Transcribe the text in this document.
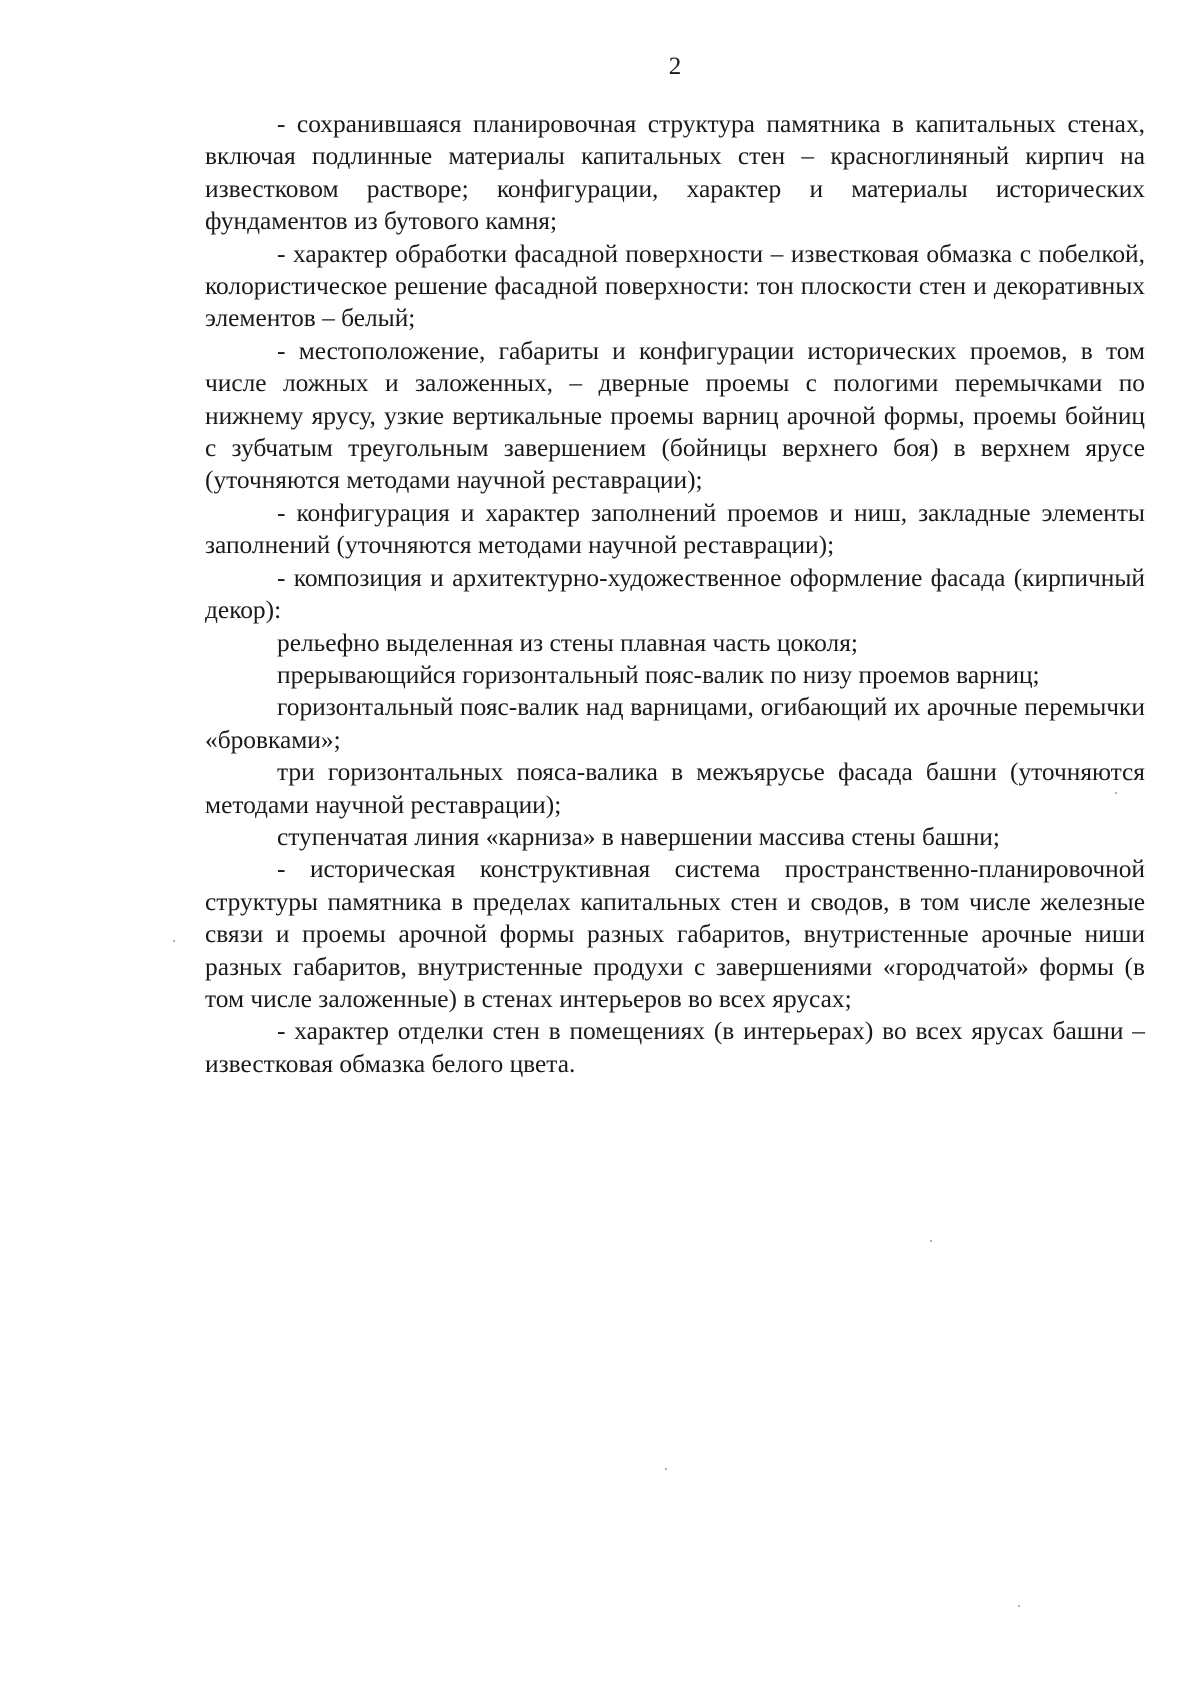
2

- сохранившаяся планировочная структура памятника в капитальных стенах, включая подлинные материалы капитальных стен – красноглиняный кирпич на известковом растворе; конфигурации, характер и материалы исторических фундаментов из бутового камня;

- характер обработки фасадной поверхности – известковая обмазка с побелкой, колористическое решение фасадной поверхности: тон плоскости стен и декоративных элементов – белый;

- местоположение, габариты и конфигурации исторических проемов, в том числе ложных и заложенных, – дверные проемы с пологими перемычками по нижнему ярусу, узкие вертикальные проемы варниц арочной формы, проемы бойниц с зубчатым треугольным завершением (бойницы верхнего боя) в верхнем ярусе (уточняются методами научной реставрации);

- конфигурация и характер заполнений проемов и ниш, закладные элементы заполнений (уточняются методами научной реставрации);

- композиция и архитектурно-художественное оформление фасада (кирпичный декор):

рельефно выделенная из стены плавная часть цоколя;

прерывающийся горизонтальный пояс-валик по низу проемов варниц;

горизонтальный пояс-валик над варницами, огибающий их арочные перемычки «бровками»;

три горизонтальных пояса-валика в межъярусье фасада башни (уточняются методами научной реставрации);

ступенчатая линия «карниза» в навершении массива стены башни;

- историческая конструктивная система пространственно-планировочной структуры памятника в пределах капитальных стен и сводов, в том числе железные связи и проемы арочной формы разных габаритов, внутристенные арочные ниши разных габаритов, внутристенные продухи с завершениями «городчатой» формы (в том числе заложенные) в стенах интерьеров во всех ярусах;

- характер отделки стен в помещениях (в интерьерах) во всех ярусах башни – известковая обмазка белого цвета.
